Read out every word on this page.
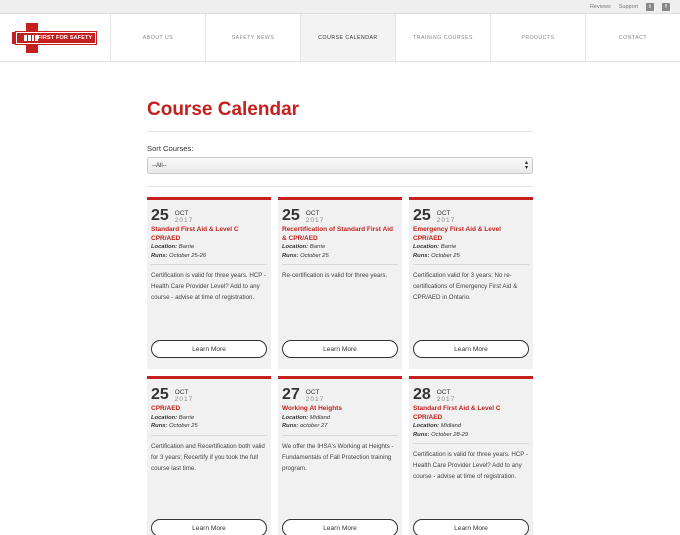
Reviews Support	t	f
FIRST FOR SAFETY	ABOUT US	SAFETY NEWS	COURSE CALENDAR	TRAINING COURSES	PRODUCTS	CONTACT
Course Calendar
Sort Courses:
--All--	▴
▾
25 OCT
2017
Standard First Aid & Level C CPR/AED
Location: Barrie
Runs: October 25-26
Certification is valid for three years. HCP - Health Care Provider Level? Add to any course - advise at time of registration.
Learn More
25 OCT
2017
Recertification of Standard First Aid & CPR/AED
Location: Barrie
Runs: October 25
Re-certification is valid for three years.
Learn More
25 OCT
2017
Emergency First Aid & Level CPR/AED
Location: Barrie
Runs: October 25
Certification valid for 3 years; No re-certifications of Emergency First Aid & CPR/AED in Ontario.
Learn More
25 OCT
2017
CPR/AED
Location: Barrie
Runs: October 25
Certification and Recertification both valid for 3 years; Recertify if you took the full course last time.
Learn More
27 OCT
2017
Working At Heights
Location: Midland
Runs: october 27
We offer the IHSA's Working at Heights - Fundamentals of Fall Protection training program.
Learn More
28 OCT
2017
Standard First Aid & Level C CPR/AED
Location: Midland
Runs: October 28-29
Certification is valid for three years. HCP - Health Care Provider Level? Add to any course - advise at time of registration.
Learn More
